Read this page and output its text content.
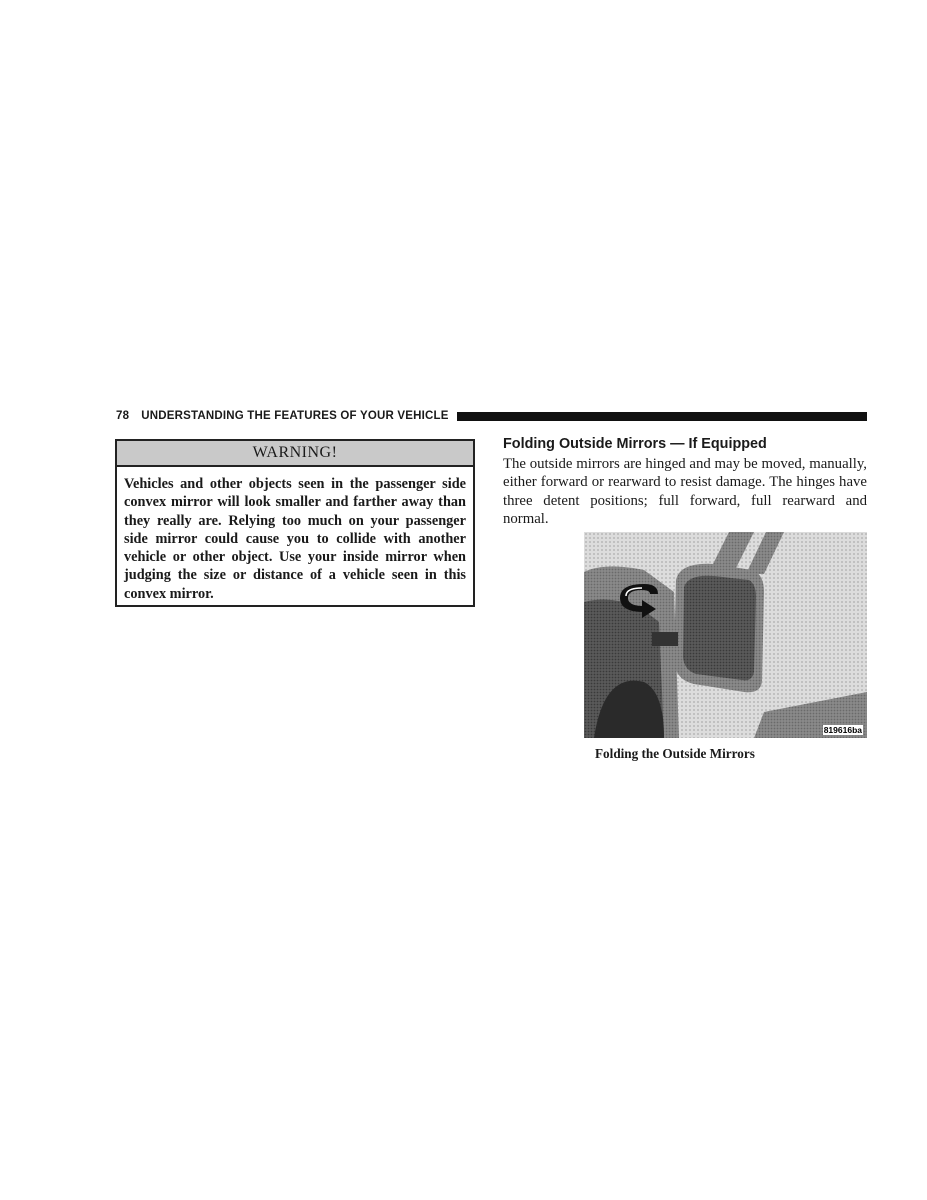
78 UNDERSTANDING THE FEATURES OF YOUR VEHICLE
WARNING!
Vehicles and other objects seen in the passenger side convex mirror will look smaller and farther away than they really are. Relying too much on your passenger side mirror could cause you to collide with another vehicle or other object. Use your inside mirror when judging the size or distance of a vehicle seen in this convex mirror.
Folding Outside Mirrors — If Equipped
The outside mirrors are hinged and may be moved, manually, either forward or rearward to resist damage. The hinges have three detent positions; full forward, full rearward and normal.
819616ba
Folding the Outside Mirrors
